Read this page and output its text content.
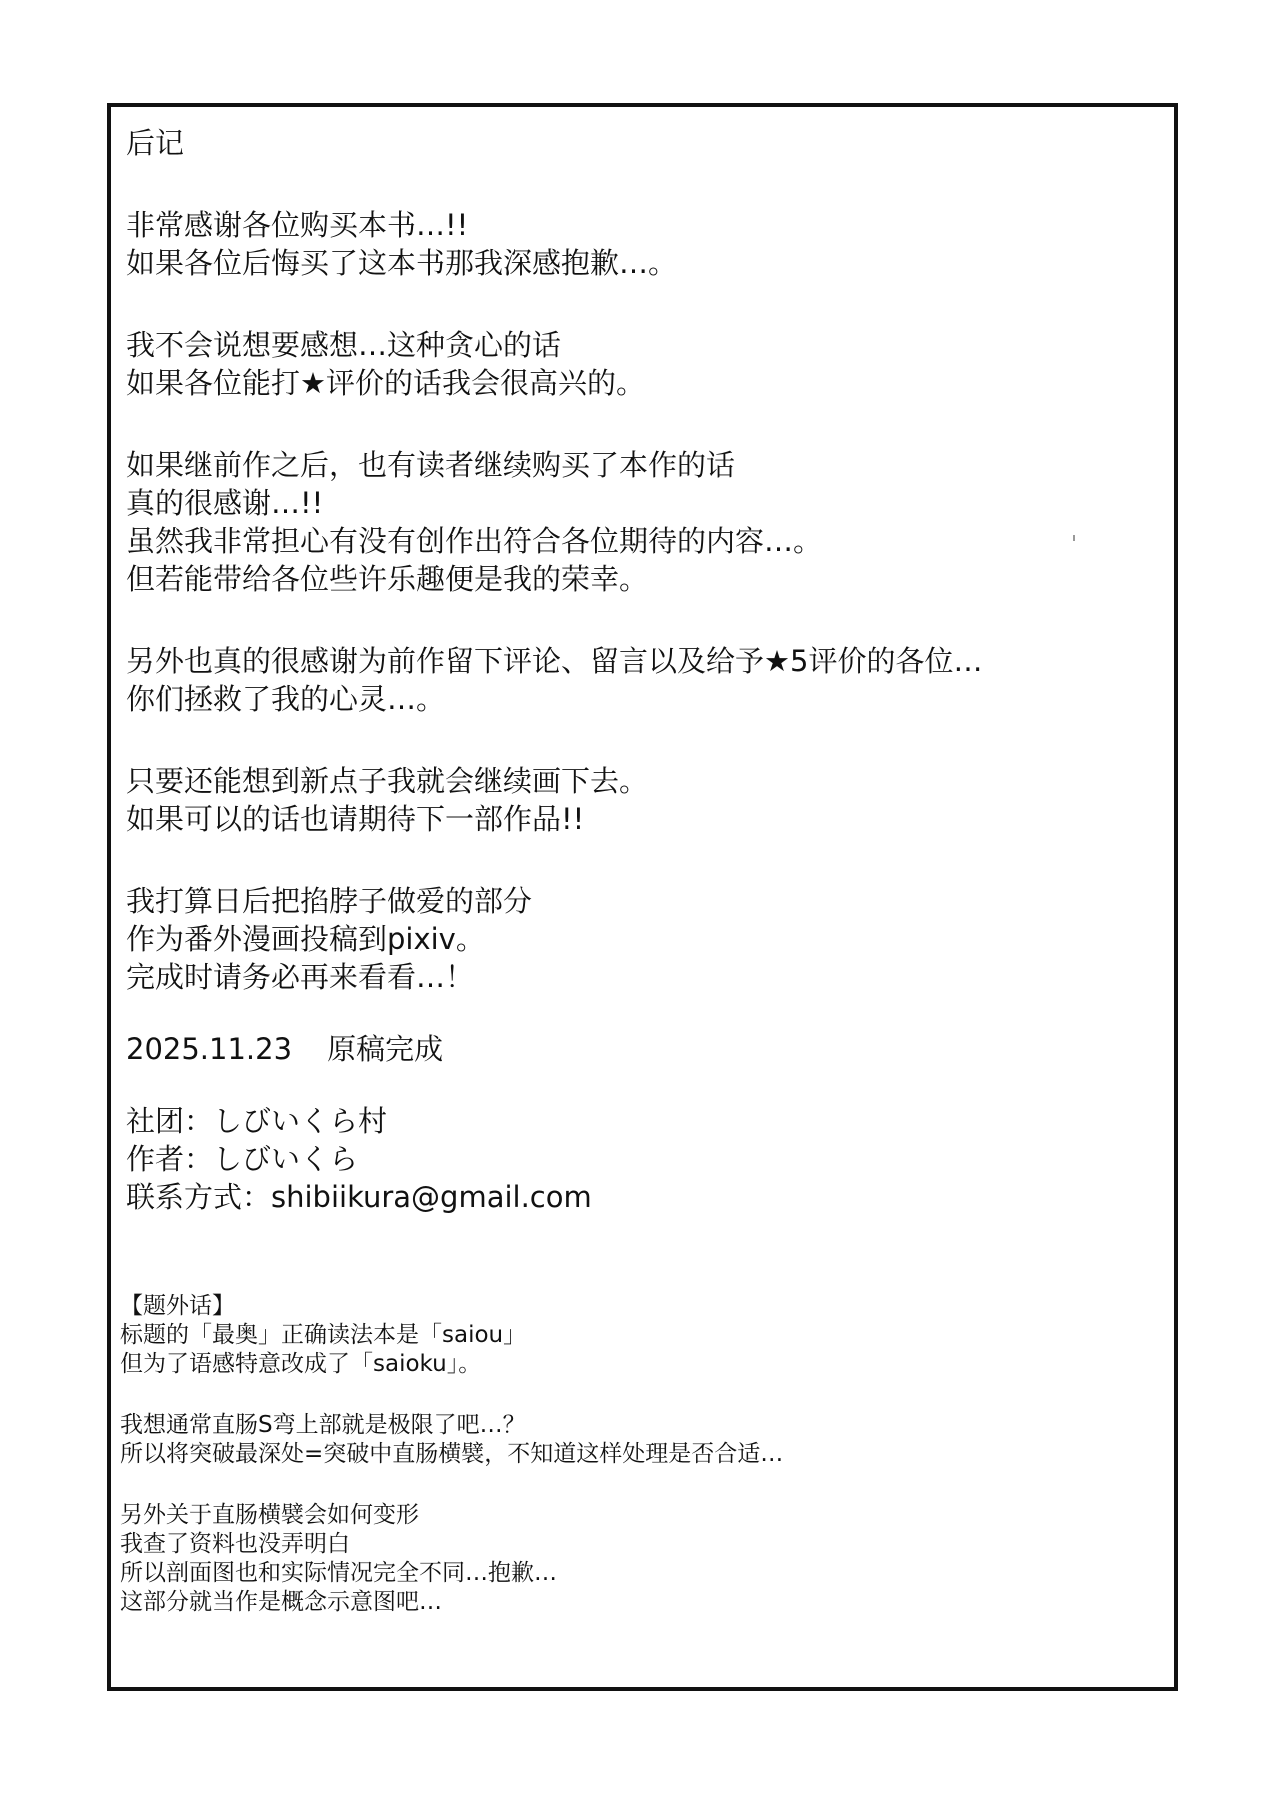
后记
非常感谢各位购买本书…!!
如果各位后悔买了这本书那我深感抱歉…。
我不会说想要感想…这种贪心的话
如果各位能打★评价的话我会很高兴的。
如果继前作之后，也有读者继续购买了本作的话
真的很感谢…!!
虽然我非常担心有没有创作出符合各位期待的内容…。
但若能带给各位些许乐趣便是我的荣幸。
另外也真的很感谢为前作留下评论、留言以及给予★5评价的各位…
你们拯救了我的心灵…。
只要还能想到新点子我就会继续画下去。
如果可以的话也请期待下一部作品!!
我打算日后把掐脖子做爱的部分
作为番外漫画投稿到pixiv。
完成时请务必再来看看…！
2025.11.23 原稿完成
社团：しびいくら村
作者：しびいくら
联系方式：shibiikura@gmail.com
【题外话】
标题的「最奥」正确读法本是「saiou」
但为了语感特意改成了「saioku」。
我想通常直肠S弯上部就是极限了吧…？
所以将突破最深处=突破中直肠横襞，不知道这样处理是否合适…
另外关于直肠横襞会如何变形
我查了资料也没弄明白
所以剖面图也和实际情况完全不同…抱歉…
这部分就当作是概念示意图吧…
